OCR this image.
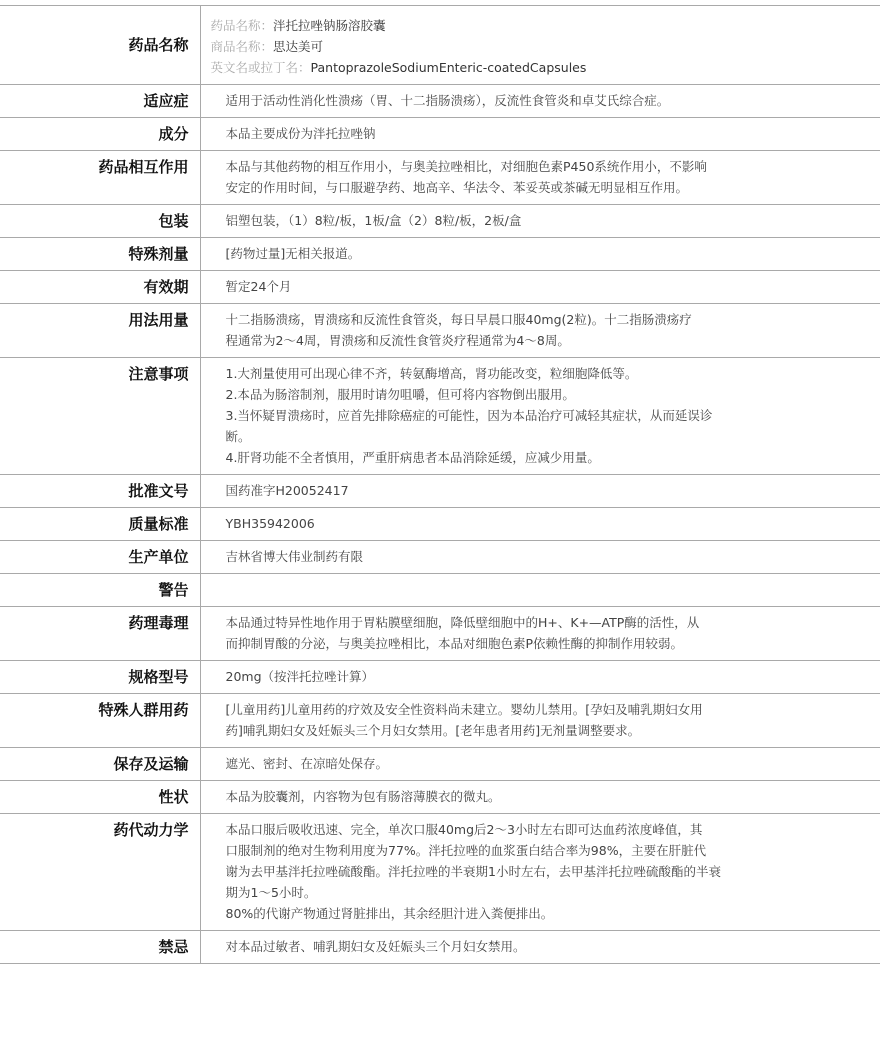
药品名称	药品名称：泮托拉唑钠肠溶胶囊
商品名称：思达美可
英文名或拉丁名：PantoprazoleSodiumEnteric-coatedCapsules

适应症	适用于活动性消化性溃疡（胃、十二指肠溃疡），反流性食管炎和卓艾氏综合症。

成分	本品主要成份为泮托拉唑钠

药品相互作用	本品与其他药物的相互作用小，与奥美拉唑相比，对细胞色素P450系统作用小，不影响
安定的作用时间，与口服避孕药、地高辛、华法令、苯妥英或茶碱无明显相互作用。

包装	铝塑包装，（1）8粒/板，1板/盒（2）8粒/板，2板/盒

特殊剂量	[药物过量]无相关报道。

有效期	暂定24个月

用法用量	十二指肠溃疡，胃溃疡和反流性食管炎，每日早晨口服40mg(2粒)。十二指肠溃疡疗
程通常为2～4周，胃溃疡和反流性食管炎疗程通常为4～8周。

注意事项	1.大剂量使用可出现心律不齐，转氨酶增高，肾功能改变，粒细胞降低等。
2.本品为肠溶制剂，服用时请勿咀嚼，但可将内容物倒出服用。
3.当怀疑胃溃疡时，应首先排除癌症的可能性，因为本品治疗可减轻其症状，从而延误诊
断。
4.肝肾功能不全者慎用，严重肝病患者本品消除延缓，应减少用量。

批准文号	国药准字H20052417

质量标准	YBH35942006

生产单位	吉林省博大伟业制药有限

警告	

药理毒理	本品通过特异性地作用于胃粘膜壁细胞，降低壁细胞中的H+、K+—ATP酶的活性，从
而抑制胃酸的分泌，与奥美拉唑相比，本品对细胞色素P依赖性酶的抑制作用较弱。

规格型号	20mg（按泮托拉唑计算）

特殊人群用药	[儿童用药]儿童用药的疗效及安全性资料尚未建立。婴幼儿禁用。[孕妇及哺乳期妇女用
药]哺乳期妇女及妊娠头三个月妇女禁用。[老年患者用药]无剂量调整要求。

保存及运输	遮光、密封、在凉暗处保存。

性状	本品为胶囊剂，内容物为包有肠溶薄膜衣的微丸。

药代动力学	本品口服后吸收迅速、完全，单次口服40mg后2～3小时左右即可达血药浓度峰值，其
口服制剂的绝对生物利用度为77%。泮托拉唑的血浆蛋白结合率为98%，主要在肝脏代
谢为去甲基泮托拉唑硫酸酯。泮托拉唑的半衰期1小时左右，去甲基泮托拉唑硫酸酯的半衰
期为1～5小时。
80%的代谢产物通过肾脏排出，其余经胆汁进入粪便排出。

禁忌	对本品过敏者、哺乳期妇女及妊娠头三个月妇女禁用。
